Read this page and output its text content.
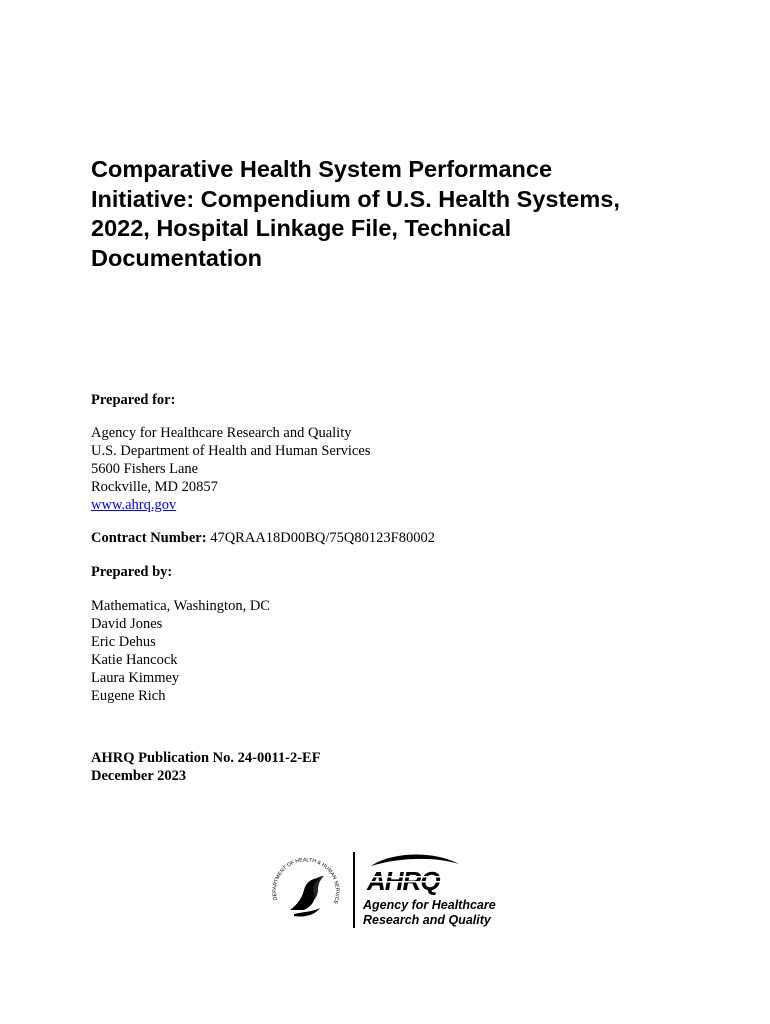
Comparative Health System Performance
Initiative: Compendium of U.S. Health Systems,
2022, Hospital Linkage File, Technical
Documentation
Prepared for:
Agency for Healthcare Research and Quality
U.S. Department of Health and Human Services
5600 Fishers Lane
Rockville, MD 20857
www.ahrq.gov
Contract Number: 47QRAA18D00BQ/75Q80123F80002
Prepared by:
Mathematica, Washington, DC
David Jones
Eric Dehus
Katie Hancock
Laura Kimmey
Eugene Rich
AHRQ Publication No. 24-0011-2-EF
December 2023
DEPARTMENT OF HEALTH & HUMAN SERVICE Agency for Healthcare
Research and Quality
